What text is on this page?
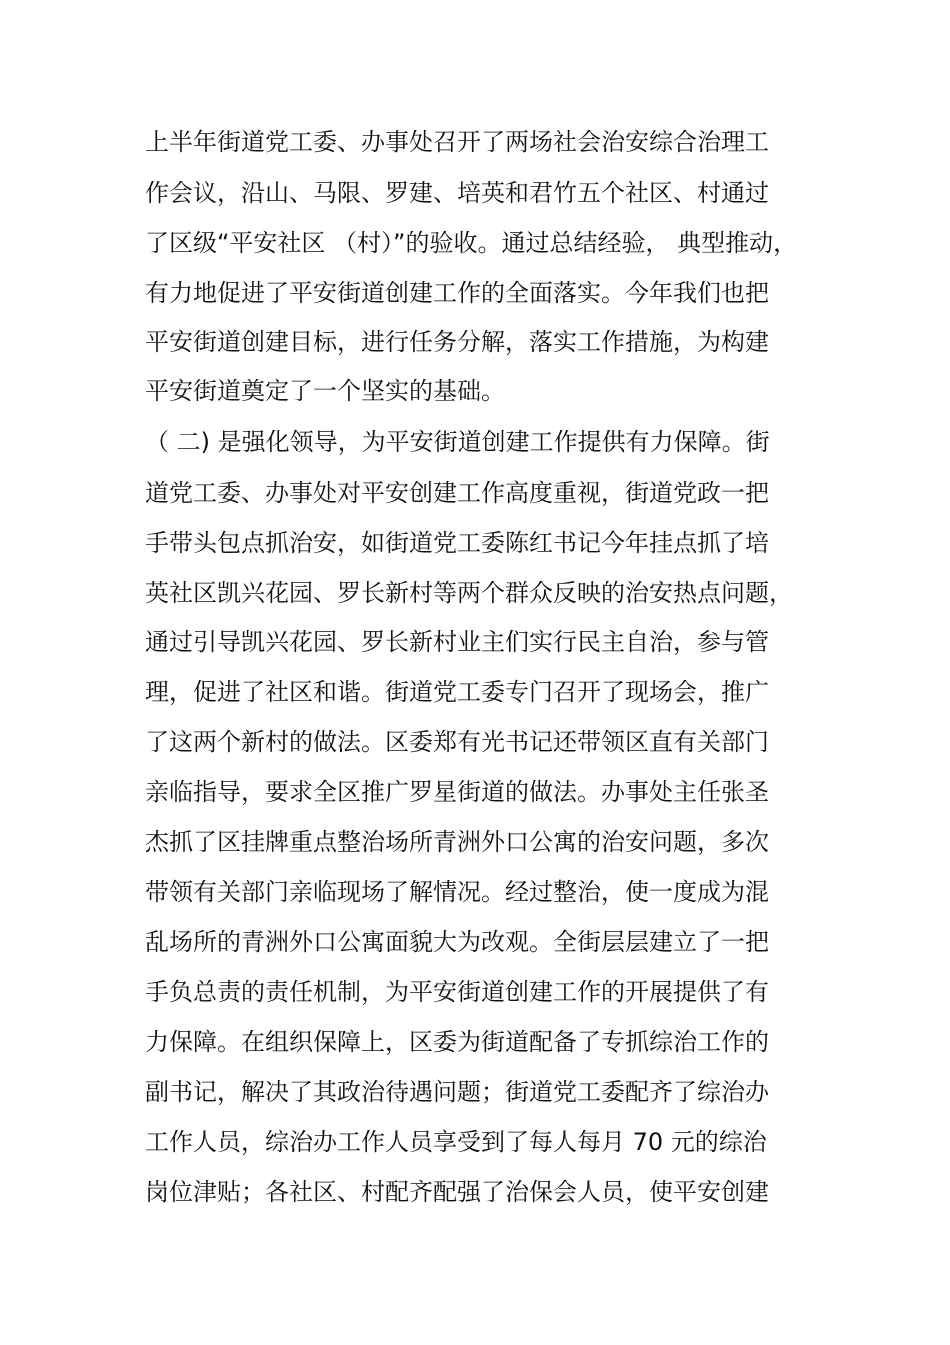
上半年街道党工委、办事处召开了两场社会治安综合治理工
作会议，沿山、马限、罗建、培英和君竹五个社区、村通过
了区级“平安社区 （村）”的验收。通过总结经验， 典型推动，
有力地促进了平安街道创建工作的全面落实。今年我们也把
平安街道创建目标，进行任务分解，落实工作措施，为构建
平安街道奠定了一个坚实的基础。
（ 二) 是强化领导，为平安街道创建工作提供有力保障。街
道党工委、办事处对平安创建工作高度重视，街道党政一把
手带头包点抓治安，如街道党工委陈红书记今年挂点抓了培
英社区凯兴花园、罗长新村等两个群众反映的治安热点问题，
通过引导凯兴花园、罗长新村业主们实行民主自治，参与管
理，促进了社区和谐。街道党工委专门召开了现场会，推广
了这两个新村的做法。区委郑有光书记还带领区直有关部门
亲临指导，要求全区推广罗星街道的做法。办事处主任张圣
杰抓了区挂牌重点整治场所青洲外口公寓的治安问题，多次
带领有关部门亲临现场了解情况。经过整治，使一度成为混
乱场所的青洲外口公寓面貌大为改观。全街层层建立了一把
手负总责的责任机制，为平安街道创建工作的开展提供了有
力保障。在组织保障上，区委为街道配备了专抓综治工作的
副书记，解决了其政治待遇问题；街道党工委配齐了综治办
工作人员，综治办工作人员享受到了每人每月 70 元的综治
岗位津贴；各社区、村配齐配强了治保会人员，使平安创建
